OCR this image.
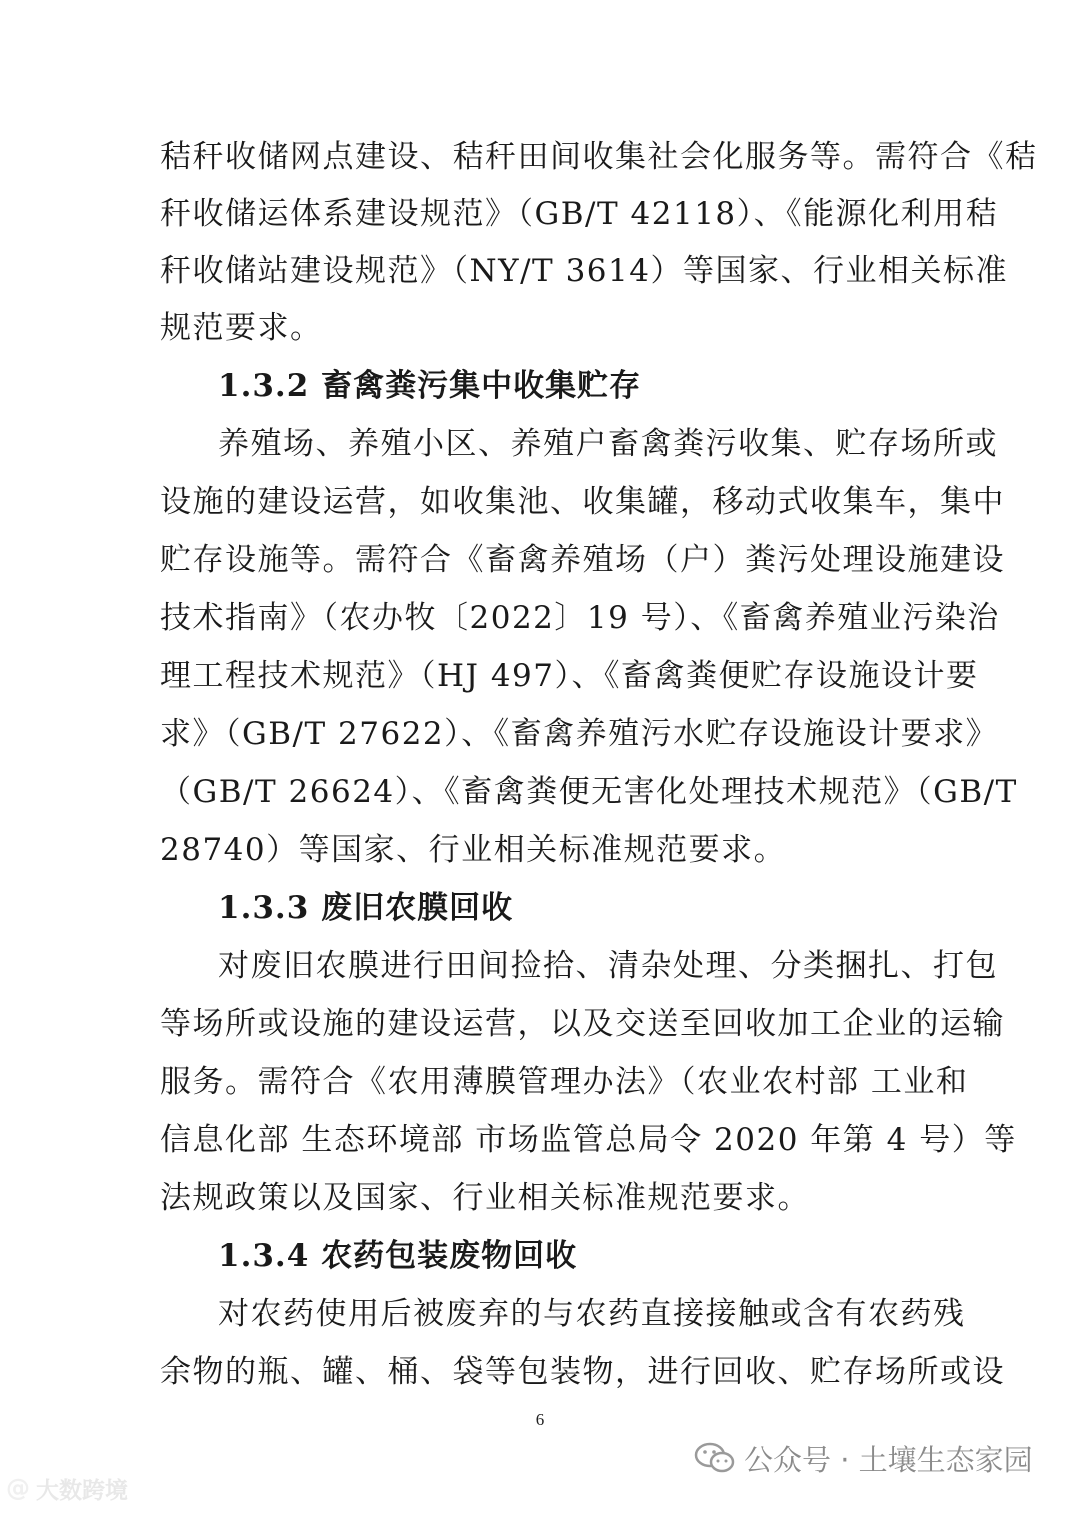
秸秆收储网点建设、秸秆田间收集社会化服务等。需符合《秸
秆收储运体系建设规范》（GB/T 42118）、《能源化利用秸
秆收储站建设规范》（NY/T 3614）等国家、行业相关标准
规范要求。
1.3.2 畜禽粪污集中收集贮存
养殖场、养殖小区、养殖户畜禽粪污收集、贮存场所或
设施的建设运营，如收集池、收集罐，移动式收集车，集中
贮存设施等。需符合《畜禽养殖场（户）粪污处理设施建设
技术指南》（农办牧〔2022〕19 号）、《畜禽养殖业污染治
理工程技术规范》（HJ 497）、《畜禽粪便贮存设施设计要
求》（GB/T 27622）、《畜禽养殖污水贮存设施设计要求》
（GB/T 26624）、《畜禽粪便无害化处理技术规范》（GB/T
28740）等国家、行业相关标准规范要求。
1.3.3 废旧农膜回收
对废旧农膜进行田间捡拾、清杂处理、分类捆扎、打包
等场所或设施的建设运营，以及交送至回收加工企业的运输
服务。需符合《农用薄膜管理办法》（农业农村部 工业和
信息化部 生态环境部 市场监管总局令 2020 年第 4 号）等
法规政策以及国家、行业相关标准规范要求。
1.3.4 农药包装废物回收
对农药使用后被废弃的与农药直接接触或含有农药残
余物的瓶、罐、桶、袋等包装物，进行回收、贮存场所或设
6
@ 大数跨境
公众号 · 土壤生态家园
